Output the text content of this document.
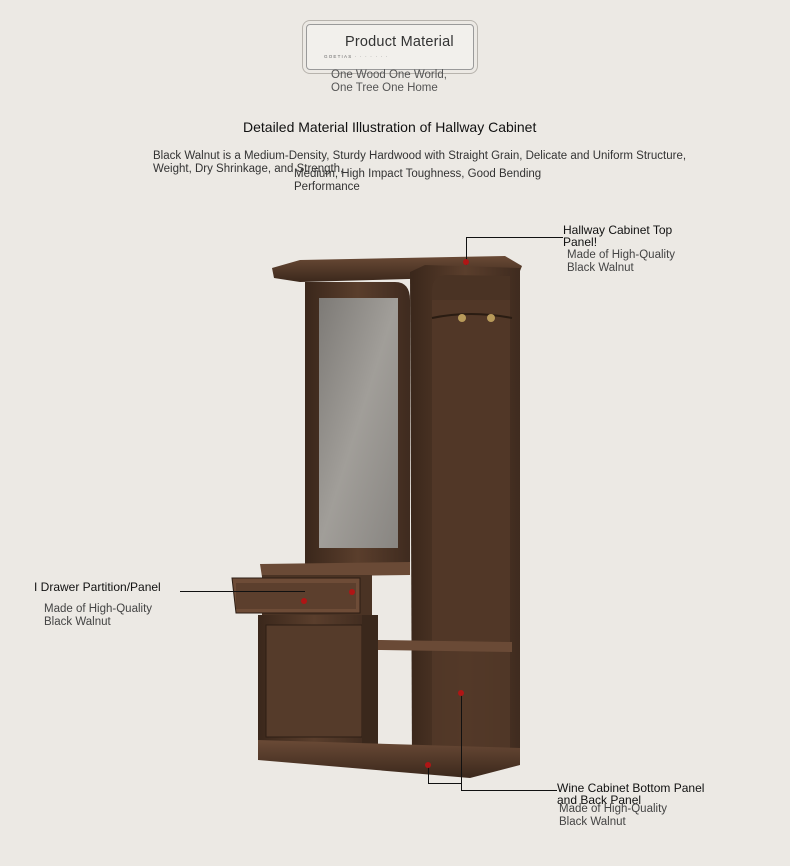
Product Material
GOETIAS · · · · · · ·
One Wood One World,
One Tree One Home
Detailed Material Illustration of Hallway Cabinet
Black Walnut is a Medium-Density, Sturdy Hardwood with Straight Grain, Delicate and Uniform Structure, Weight, Dry Shrinkage, and Strength,
Medium, High Impact Toughness, Good Bending Performance
Hallway Cabinet Top Panel!
Made of High-Quality
Black Walnut
I Drawer Partition/Panel
Made of High-Quality
Black Walnut
Wine Cabinet Bottom Panel and Back Panel
Made of High-Quality
Black Walnut
